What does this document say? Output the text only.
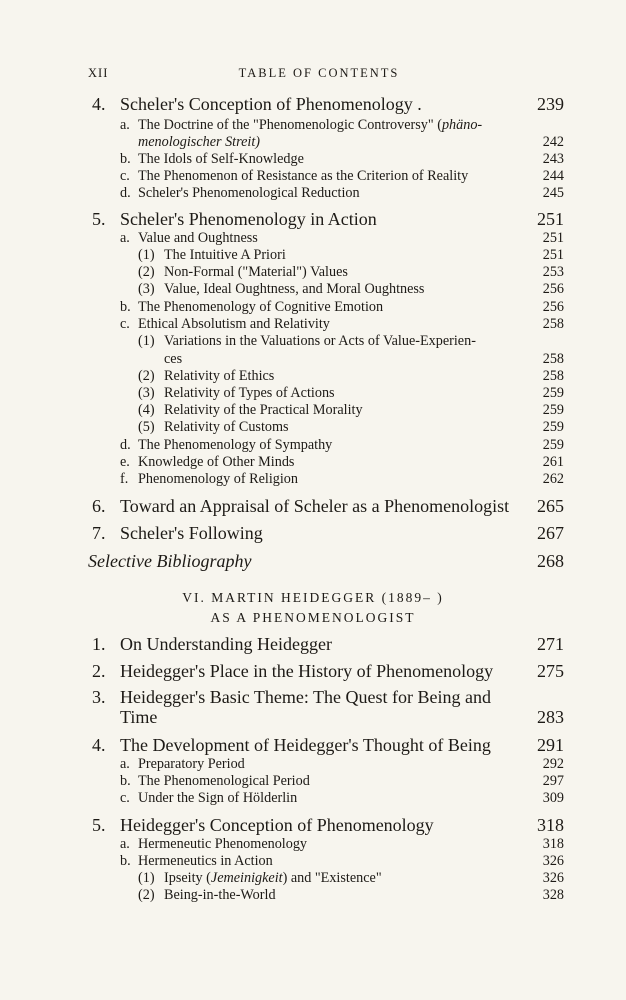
XII	TABLE OF CONTENTS
4. Scheler's Conception of Phenomenology .	239
a. The Doctrine of the "Phenomenologic Controversy" (phäno-
menologischer Streit)	242
b. The Idols of Self-Knowledge	243
c. The Phenomenon of Resistance as the Criterion of Reality	244
d. Scheler's Phenomenological Reduction	245
5. Scheler's Phenomenology in Action	251
a. Value and Oughtness	251
(1) The Intuitive A Priori	251
(2) Non-Formal ("Material") Values	253
(3) Value, Ideal Oughtness, and Moral Oughtness	256
b. The Phenomenology of Cognitive Emotion	256
c. Ethical Absolutism and Relativity	258
(1) Variations in the Valuations or Acts of Value-Experien-
ces	258
(2) Relativity of Ethics	258
(3) Relativity of Types of Actions	259
(4) Relativity of the Practical Morality	259
(5) Relativity of Customs	259
d. The Phenomenology of Sympathy	259
e. Knowledge of Other Minds	261
f. Phenomenology of Religion	262
6. Toward an Appraisal of Scheler as a Phenomenologist 265
7. Scheler's Following	267
Selective Bibliography	268
VI. MARTIN HEIDEGGER (1889– )
AS A PHENOMENOLOGIST
1. On Understanding Heidegger	271
2. Heidegger's Place in the History of Phenomenology 275
3. Heidegger's Basic Theme: The Quest for Being and
Time	283
4. The Development of Heidegger's Thought of Being	291
a. Preparatory Period	292
b. The Phenomenological Period	297
c. Under the Sign of Hölderlin	309
5. Heidegger's Conception of Phenomenology	318
a. Hermeneutic Phenomenology	318
b. Hermeneutics in Action	326
(1) Ipseity (Jemeinigkeit) and "Existence"	326
(2) Being-in-the-World	328
